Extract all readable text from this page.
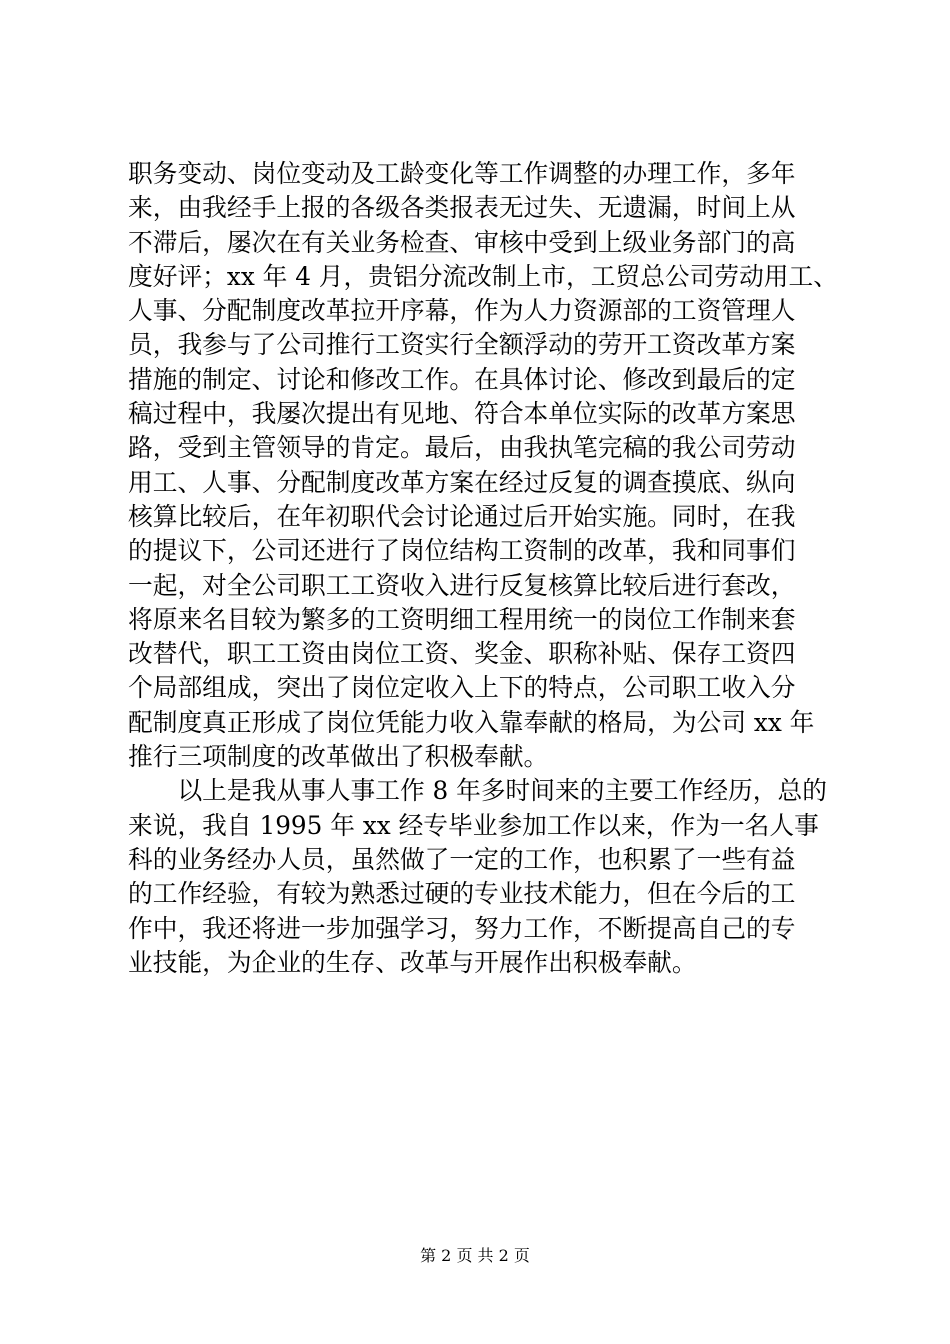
职务变动、岗位变动及工龄变化等工作调整的办理工作，多年
来，由我经手上报的各级各类报表无过失、无遗漏，时间上从
不滞后，屡次在有关业务检查、审核中受到上级业务部门的高
度好评；xx 年 4 月，贵铝分流改制上市，工贸总公司劳动用工、
人事、分配制度改革拉开序幕，作为人力资源部的工资管理人
员，我参与了公司推行工资实行全额浮动的劳开工资改革方案
措施的制定、讨论和修改工作。在具体讨论、修改到最后的定
稿过程中，我屡次提出有见地、符合本单位实际的改革方案思
路，受到主管领导的肯定。最后，由我执笔完稿的我公司劳动
用工、人事、分配制度改革方案在经过反复的调查摸底、纵向
核算比较后，在年初职代会讨论通过后开始实施。同时，在我
的提议下，公司还进行了岗位结构工资制的改革，我和同事们
一起，对全公司职工工资收入进行反复核算比较后进行套改，
将原来名目较为繁多的工资明细工程用统一的岗位工作制来套
改替代，职工工资由岗位工资、奖金、职称补贴、保存工资四
个局部组成，突出了岗位定收入上下的特点，公司职工收入分
配制度真正形成了岗位凭能力收入靠奉献的格局，为公司 xx 年
推行三项制度的改革做出了积极奉献。
　　以上是我从事人事工作 8 年多时间来的主要工作经历，总的
来说，我自 1995 年 xx 经专毕业参加工作以来，作为一名人事
科的业务经办人员，虽然做了一定的工作，也积累了一些有益
的工作经验，有较为熟悉过硬的专业技术能力，但在今后的工
作中，我还将进一步加强学习，努力工作，不断提高自己的专
业技能，为企业的生存、改革与开展作出积极奉献。
第 2 页 共 2 页
